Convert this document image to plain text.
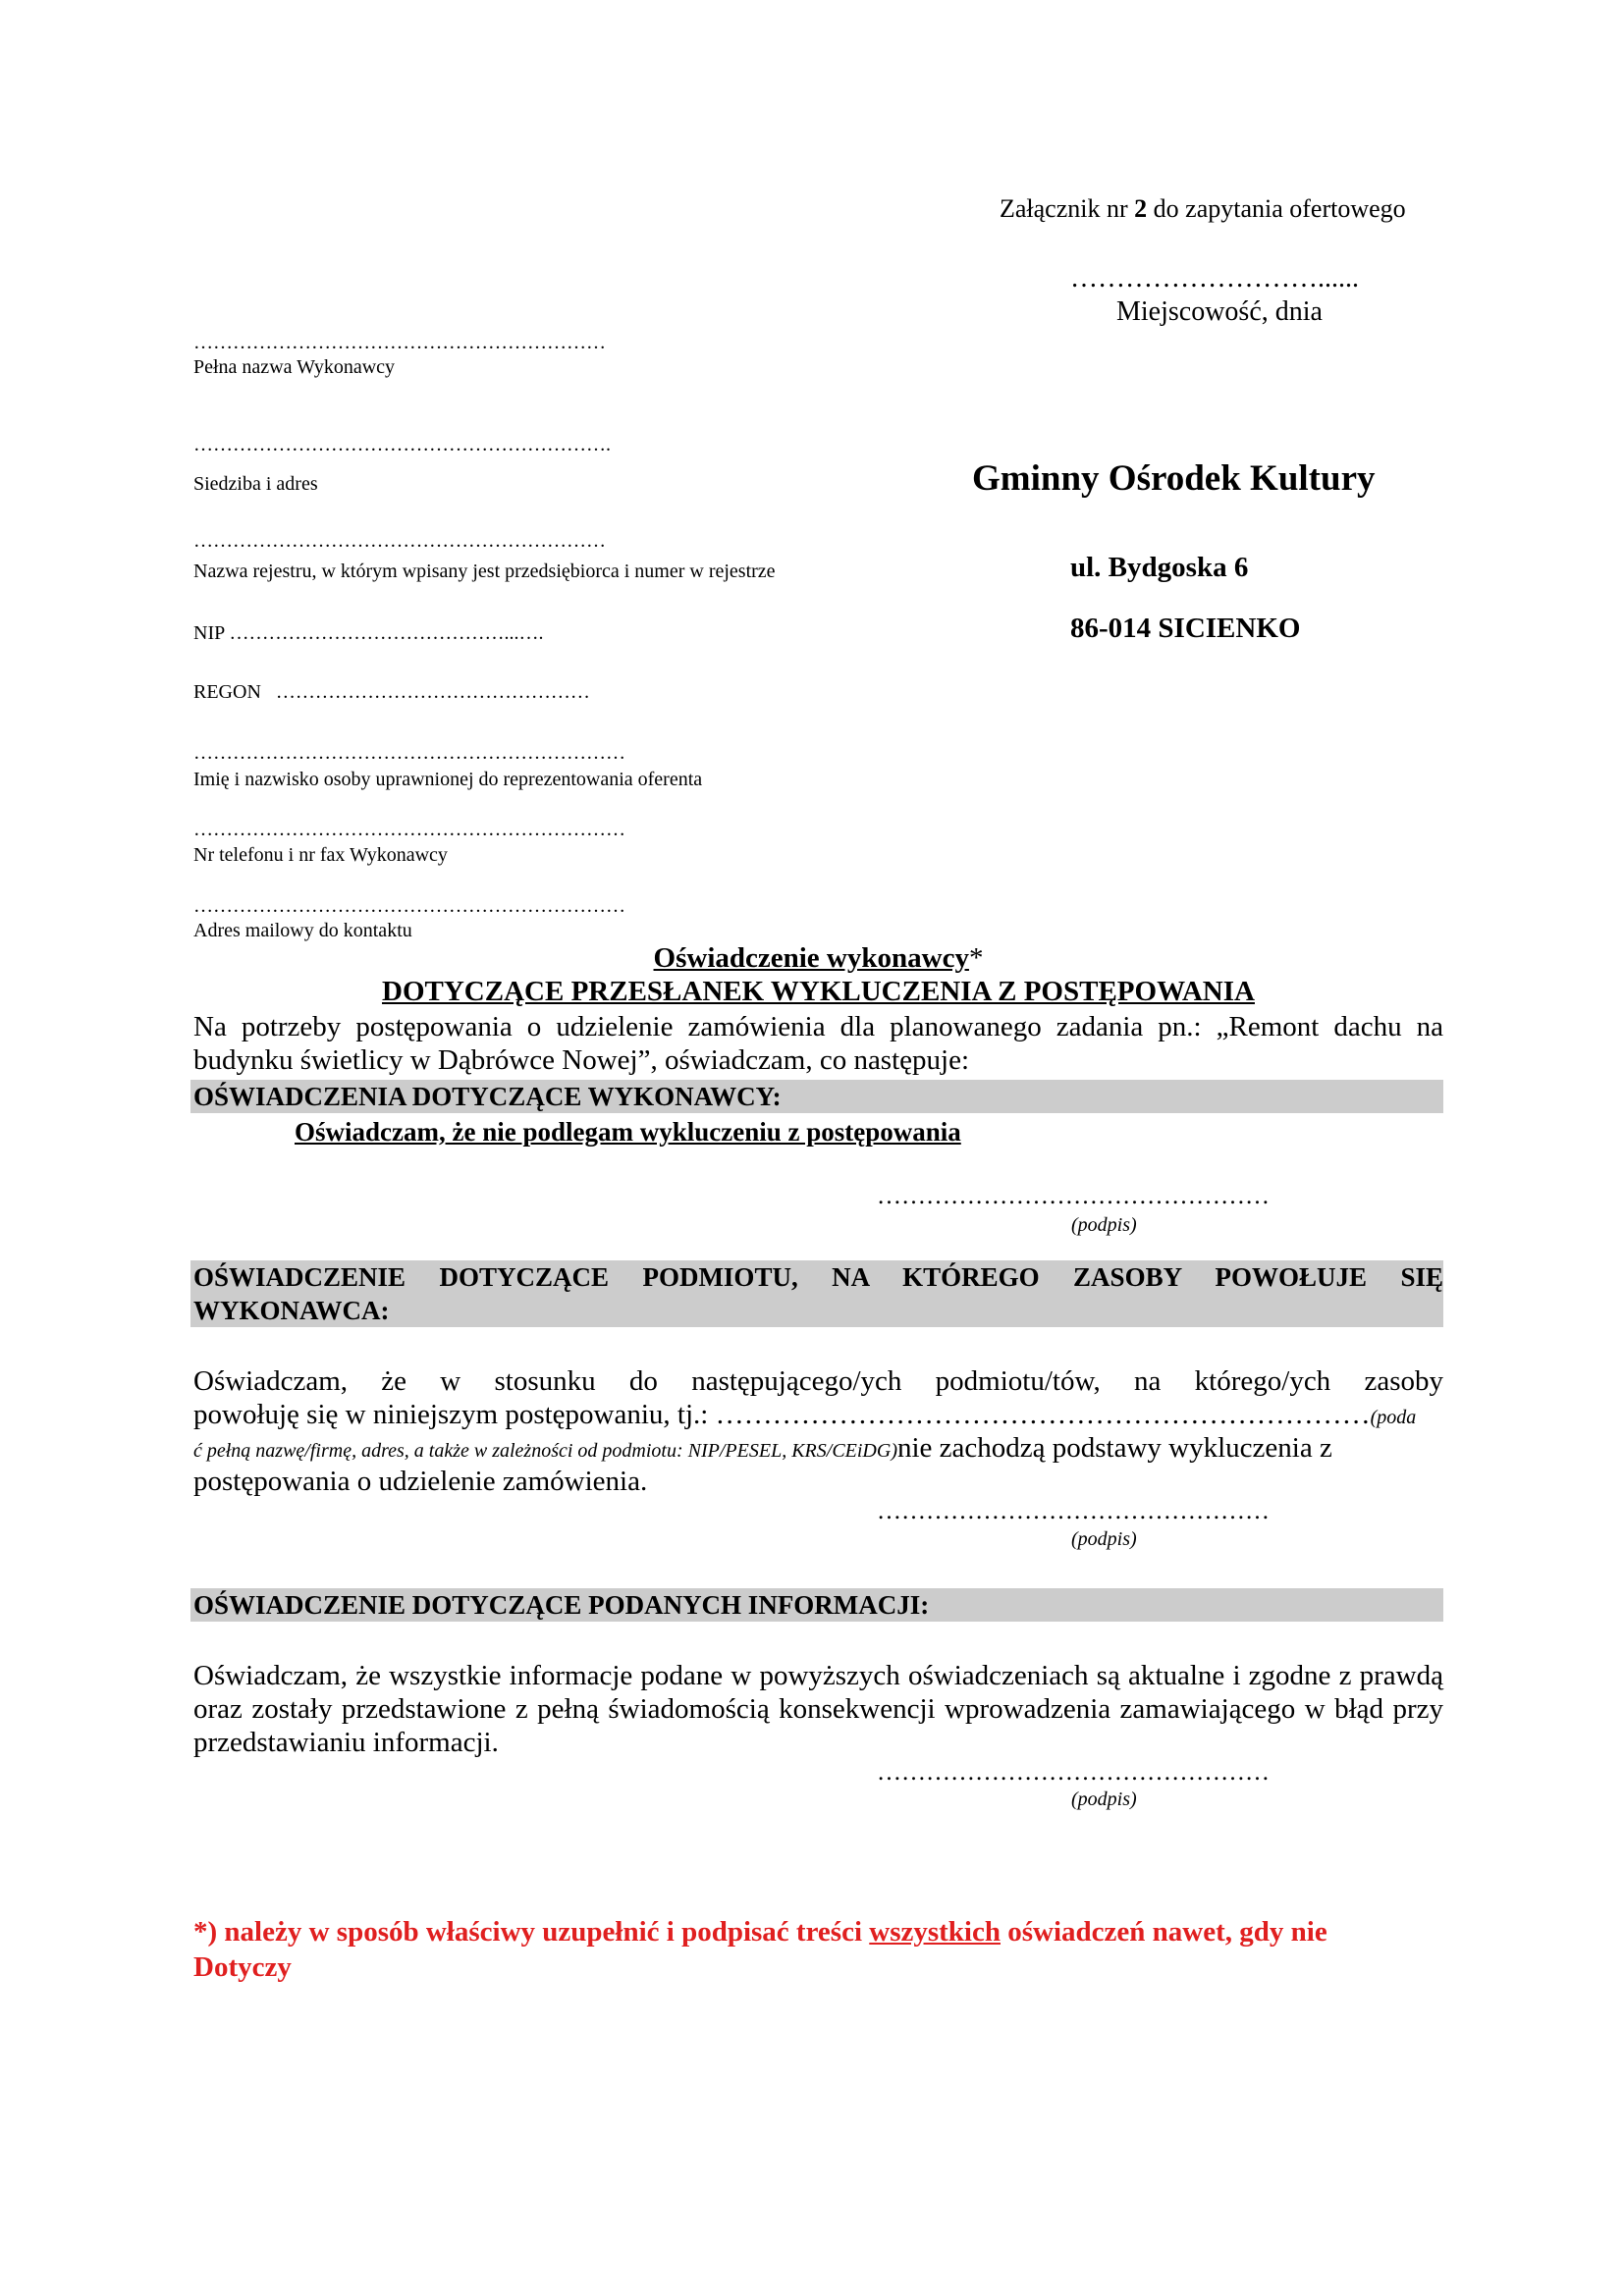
Załącznik nr 2 do zapytania ofertowego

………………………......

Miejscowość, dnia

………………………………………………………

Pełna nazwa Wykonawcy

……………………………………………………….

Siedziba i adres

………………………………………………………

Nazwa rejestru, w którym wpisany jest przedsiębiorca i numer w rejestrze

NIP ……………………………………...….

REGON …………………………………………

…………………………………………………………

Imię i nazwisko osoby uprawnionej do reprezentowania oferenta

…………………………………………………………

Nr telefonu i nr fax Wykonawcy

…………………………………………………………

Adres mailowy do kontaktu

Gminny Ośrodek Kultury

ul. Bydgoska 6

86-014 SICIENKO

Oświadczenie wykonawcy*

DOTYCZĄCE PRZESŁANEK WYKLUCZENIA Z POSTĘPOWANIA

Na potrzeby postępowania o udzielenie zamówienia dla planowanego zadania pn.: „Remont dachu na

budynku świetlicy w Dąbrówce Nowej”, oświadczam, co następuje:

OŚWIADCZENIA DOTYCZĄCE WYKONAWCY:

Oświadczam, że nie podlegam wykluczeniu z postępowania

…………………………………………

(podpis)

OŚWIADCZENIE DOTYCZĄCE PODMIOTU, NA KTÓREGO ZASOBY POWOŁUJE SIĘ

WYKONAWCA:

Oświadczam, że w stosunku do następującego/ych podmiotu/tów, na którego/ych zasoby

powołuję się w niniejszym postępowaniu, tj.: ……………………………………………………………(poda

ć pełną nazwę/firmę, adres, a także w zależności od podmiotu: NIP/PESEL, KRS/CEiDG)nie zachodzą podstawy wykluczenia z

postępowania o udzielenie zamówienia.

…………………………………………

(podpis)

OŚWIADCZENIE DOTYCZĄCE PODANYCH INFORMACJI:

Oświadczam, że wszystkie informacje podane w powyższych oświadczeniach są aktualne i zgodne z prawdą

oraz zostały przedstawione z pełną świadomością konsekwencji wprowadzenia zamawiającego w błąd przy

przedstawianiu informacji.

…………………………………………

(podpis)

*) należy w sposób właściwy uzupełnić i podpisać treści wszystkich oświadczeń nawet, gdy nie

Dotyczy
